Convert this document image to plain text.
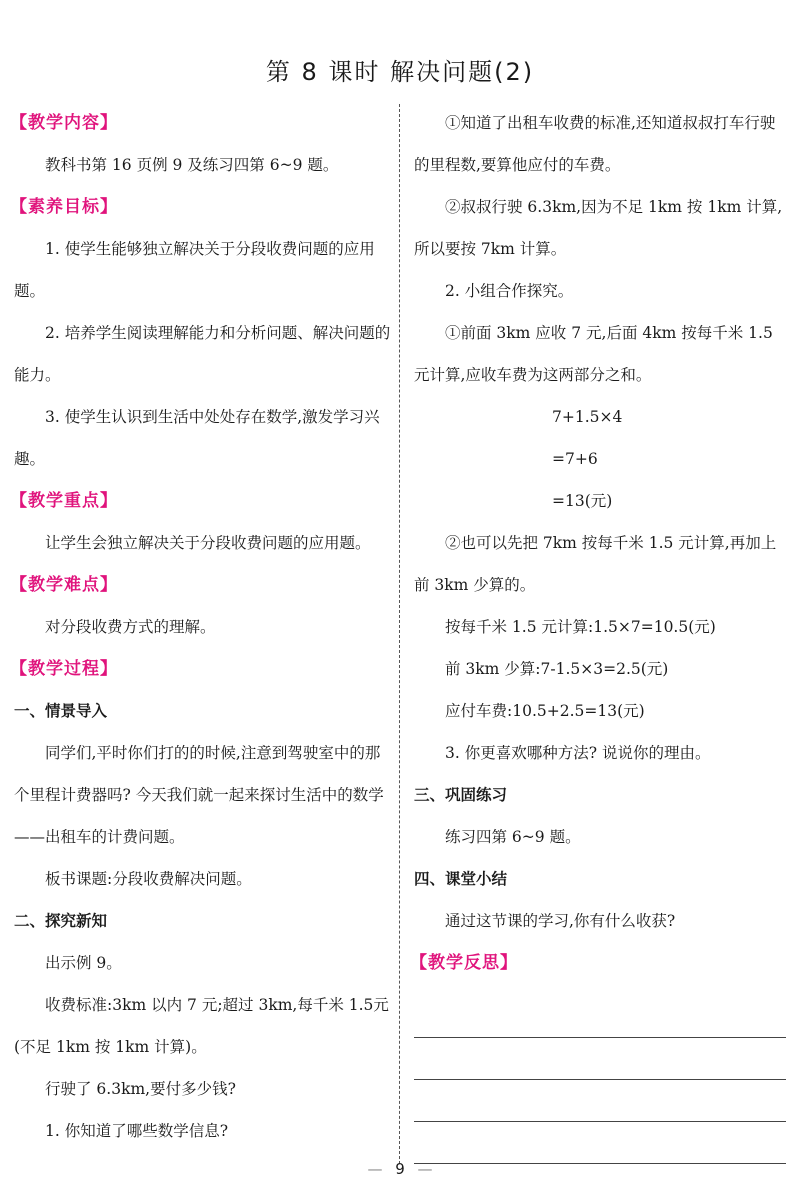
第 8 课时 解决问题(2)
【教学内容】
教科书第 16 页例 9 及练习四第 6~9 题。
【素养目标】
1. 使学生能够独立解决关于分段收费问题的应用题。
2. 培养学生阅读理解能力和分析问题、解决问题的能力。
3. 使学生认识到生活中处处存在数学,激发学习兴趣。
【教学重点】
让学生会独立解决关于分段收费问题的应用题。
【教学难点】
对分段收费方式的理解。
【教学过程】
一、情景导入
同学们,平时你们打的的时候,注意到驾驶室中的那个里程计费器吗? 今天我们就一起来探讨生活中的数学 ——出租车的计费问题。
板书课题:分段收费解决问题。
二、探究新知
出示例 9。
收费标准:3km 以内 7 元;超过 3km,每千米 1.5元(不足 1km 按 1km 计算)。
行驶了 6.3km,要付多少钱?
1. 你知道了哪些数学信息?
①知道了出租车收费的标准,还知道叔叔打车行驶的里程数,要算他应付的车费。
②叔叔行驶 6.3km,因为不足 1km 按 1km 计算,所以要按 7km 计算。
2. 小组合作探究。
①前面 3km 应收 7 元,后面 4km 按每千米 1.5 元计算,应收车费为这两部分之和。
7+1.5×4
=7+6
=13(元)
②也可以先把 7km 按每千米 1.5 元计算,再加上前 3km 少算的。
按每千米 1.5 元计算:1.5×7=10.5(元)
前 3km 少算:7-1.5×3=2.5(元)
应付车费:10.5+2.5=13(元)
3. 你更喜欢哪种方法? 说说你的理由。
三、巩固练习
练习四第 6~9 题。
四、课堂小结
通过这节课的学习,你有什么收获?
【教学反思】
— 9 —
